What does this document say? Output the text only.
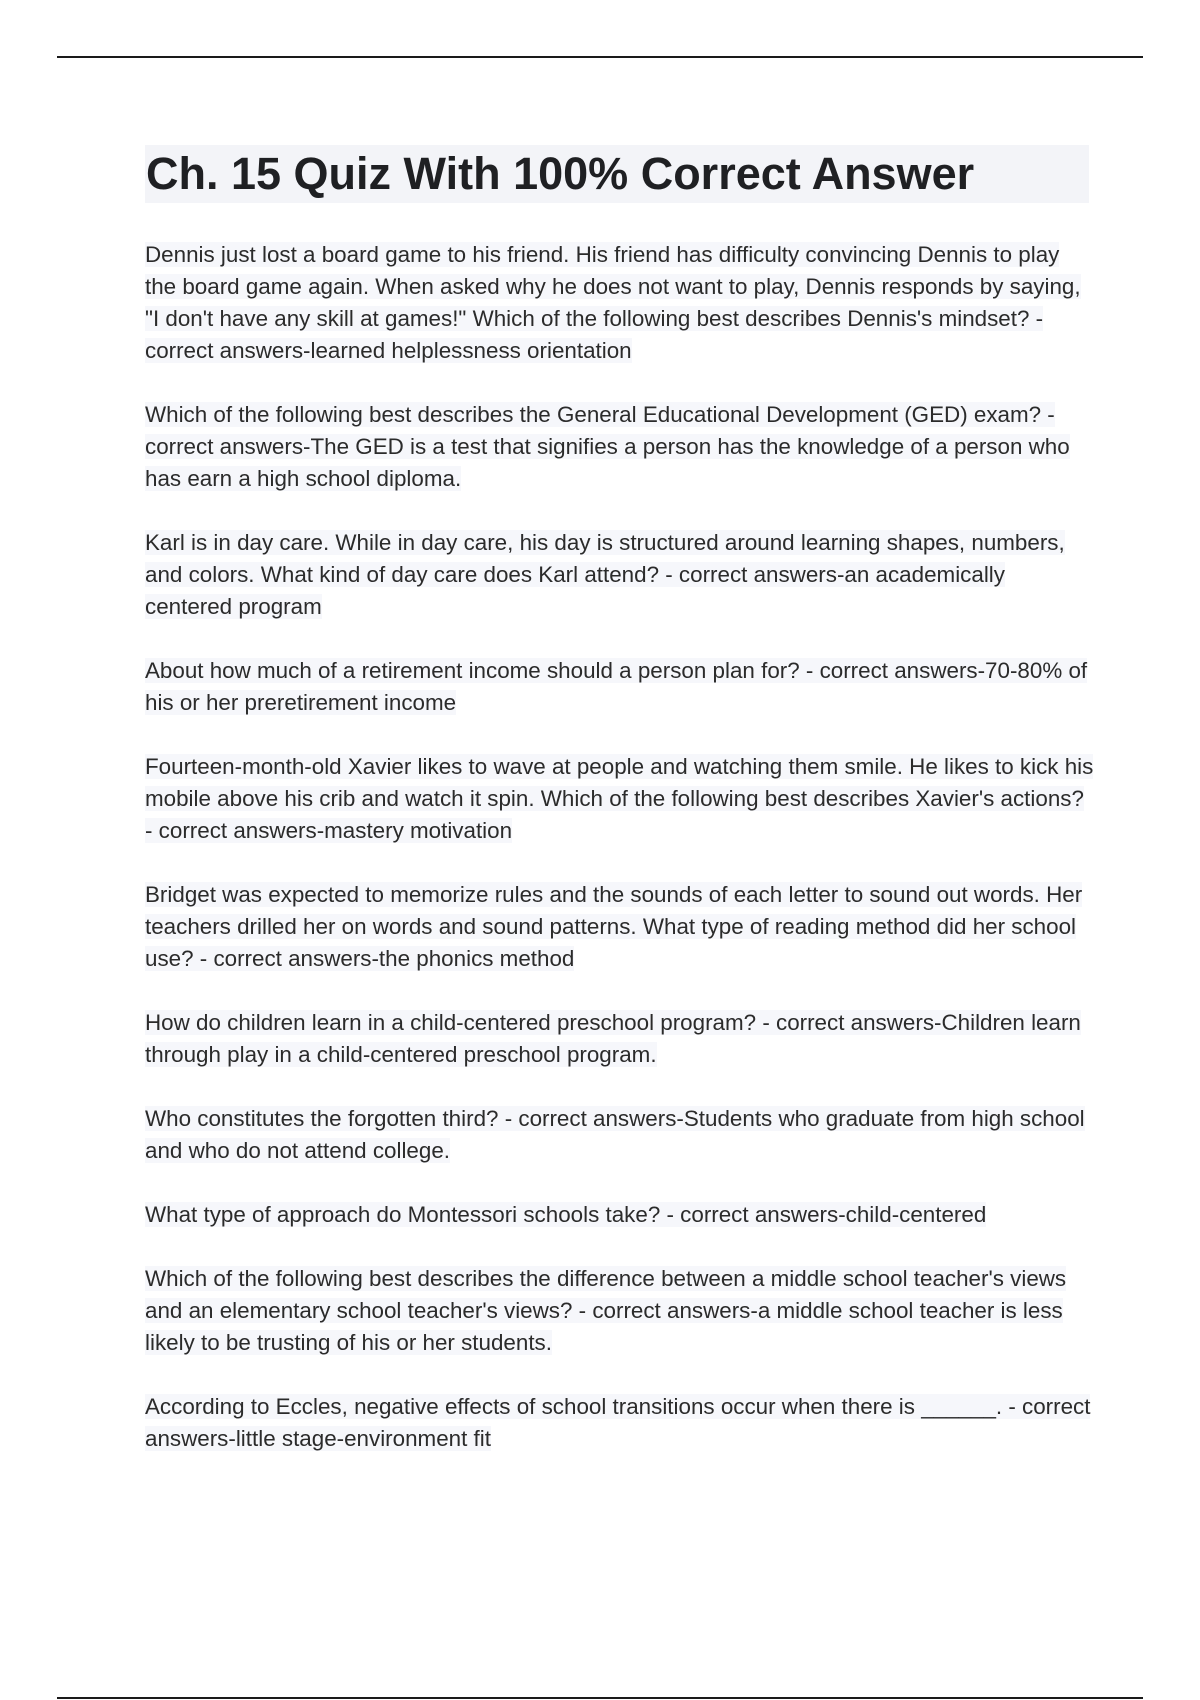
Ch. 15 Quiz With 100% Correct Answer

Dennis just lost a board game to his friend. His friend has difficulty convincing Dennis to play the board game again. When asked why he does not want to play, Dennis responds by saying, "I don't have any skill at games!" Which of the following best describes Dennis's mindset? - correct answers-learned helplessness orientation

Which of the following best describes the General Educational Development (GED) exam? - correct answers-The GED is a test that signifies a person has the knowledge of a person who has earn a high school diploma.

Karl is in day care. While in day care, his day is structured around learning shapes, numbers, and colors. What kind of day care does Karl attend? - correct answers-an academically centered program

About how much of a retirement income should a person plan for? - correct answers-70-80% of his or her preretirement income

Fourteen-month-old Xavier likes to wave at people and watching them smile. He likes to kick his mobile above his crib and watch it spin. Which of the following best describes Xavier's actions? - correct answers-mastery motivation

Bridget was expected to memorize rules and the sounds of each letter to sound out words. Her teachers drilled her on words and sound patterns. What type of reading method did her school use? - correct answers-the phonics method

How do children learn in a child-centered preschool program? - correct answers-Children learn through play in a child-centered preschool program.

Who constitutes the forgotten third? - correct answers-Students who graduate from high school and who do not attend college.

What type of approach do Montessori schools take? - correct answers-child-centered

Which of the following best describes the difference between a middle school teacher's views and an elementary school teacher's views? - correct answers-a middle school teacher is less likely to be trusting of his or her students.

According to Eccles, negative effects of school transitions occur when there is ______. - correct answers-little stage-environment fit
